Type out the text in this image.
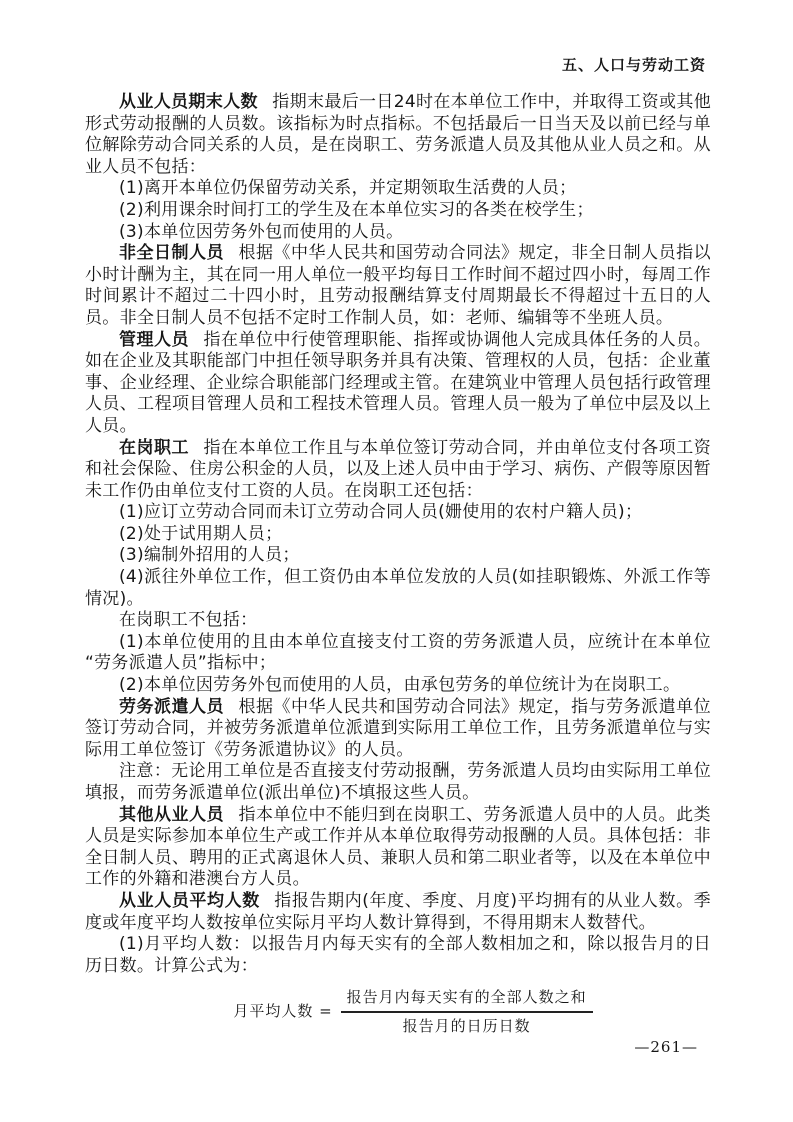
五、人口与劳动工资

从业人员期末人数 指期末最后一日24时在本单位工作中，并取得工资或其他形式劳动报酬的人员数。该指标为时点指标。不包括最后一日当天及以前已经与单位解除劳动合同关系的人员，是在岗职工、劳务派遣人员及其他从业人员之和。从业人员不包括：

(1)离开本单位仍保留劳动关系，并定期领取生活费的人员；

(2)利用课余时间打工的学生及在本单位实习的各类在校学生；

(3)本单位因劳务外包而使用的人员。

非全日制人员 根据《中华人民共和国劳动合同法》规定，非全日制人员指以小时计酬为主，其在同一用人单位一般平均每日工作时间不超过四小时，每周工作时间累计不超过二十四小时，且劳动报酬结算支付周期最长不得超过十五日的人员。非全日制人员不包括不定时工作制人员，如：老师、编辑等不坐班人员。

管理人员 指在单位中行使管理职能、指挥或协调他人完成具体任务的人员。如在企业及其职能部门中担任领导职务并具有决策、管理权的人员，包括：企业董事、企业经理、企业综合职能部门经理或主管。在建筑业中管理人员包括行政管理人员、工程项目管理人员和工程技术管理人员。管理人员一般为了单位中层及以上人员。

在岗职工 指在本单位工作且与本单位签订劳动合同，并由单位支付各项工资和社会保险、住房公积金的人员，以及上述人员中由于学习、病伤、产假等原因暂未工作仍由单位支付工资的人员。在岗职工还包括：

(1)应订立劳动合同而未订立劳动合同人员(姗使用的农村户籍人员)；

(2)处于试用期人员；

(3)编制外招用的人员；

(4)派往外单位工作，但工资仍由本单位发放的人员(如挂职锻炼、外派工作等情况)。

在岗职工不包括：

(1)本单位使用的且由本单位直接支付工资的劳务派遣人员，应统计在本单位“劳务派遣人员”指标中；

(2)本单位因劳务外包而使用的人员，由承包劳务的单位统计为在岗职工。

劳务派遣人员 根据《中华人民共和国劳动合同法》规定，指与劳务派遣单位签订劳动合同，并被劳务派遣单位派遣到实际用工单位工作，且劳务派遣单位与实际用工单位签订《劳务派遣协议》的人员。

注意：无论用工单位是否直接支付劳动报酬，劳务派遣人员均由实际用工单位填报，而劳务派遣单位(派出单位)不填报这些人员。

其他从业人员 指本单位中不能归到在岗职工、劳务派遣人员中的人员。此类人员是实际参加本单位生产或工作并从本单位取得劳动报酬的人员。具体包括：非全日制人员、聘用的正式离退休人员、兼职人员和第二职业者等，以及在本单位中工作的外籍和港澳台方人员。

从业人员平均人数 指报告期内(年度、季度、月度)平均拥有的从业人数。季度或年度平均人数按单位实际月平均人数计算得到，不得用期末人数替代。

(1)月平均人数：以报告月内每天实有的全部人数相加之和，除以报告月的日历日数。计算公式为：

月平均人数 = $\frac{\text{报告月内每天实有的全部人数之和}}{\text{报告月的日历日数}}$
—261—
